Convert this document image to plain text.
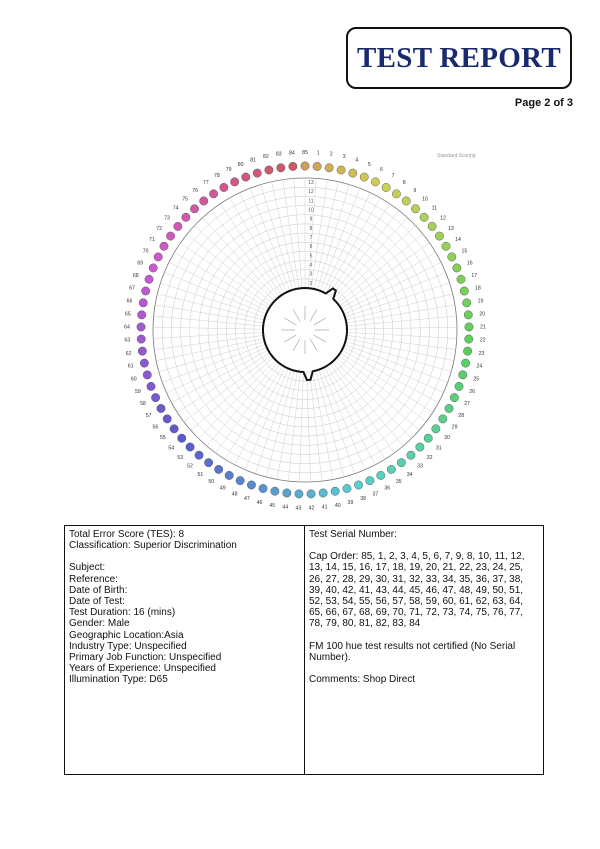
TEST REPORT
Page 2 of 3
Standard Scoring
85 1 2 3
4
5
6
7
8
9
10
11
12
13
14
15
16
17
18
19
20
21
22
23
24
25
26
27
28
29
30
31
32
33
34
35
36
37
38
39
40
41
42
43
44
45
46
47
48
49
50
51
52
53
54
55
56
57
58
59
60
61
62
63
64
65
66
67
68
69
70
71
72
73
74
75
76
77
78
79
80
81
82 83 84
13
12
11
10
9
8
7
6
5
4
3
2
Total Error Score (TES): 8
Classification: Superior Discrimination
Subject:
Reference:
Date of Birth:
Date of Test:
Test Duration: 16 (mins)
Gender: Male
Geographic Location:Asia
Industry Type: Unspecified
Primary Job Function: Unspecified
Years of Experience: Unspecified
Illumination Type: D65
Test Serial Number:
Cap Order: 85, 1, 2, 3, 4, 5, 6, 7, 9, 8, 10, 11, 12, 13, 14, 15, 16, 17, 18, 19, 20, 21, 22, 23, 24, 25, 26, 27, 28, 29, 30, 31, 32, 33, 34, 35, 36, 37, 38, 39, 40, 42, 41, 43, 44, 45, 46, 47, 48, 49, 50, 51, 52, 53, 54, 55, 56, 57, 58, 59, 60, 61, 62, 63, 64, 65, 66, 67, 68, 69, 70, 71, 72, 73, 74, 75, 76, 77, 78, 79, 80, 81, 82, 83, 84
FM 100 hue test results not certified (No Serial Number).
Comments: Shop Direct
